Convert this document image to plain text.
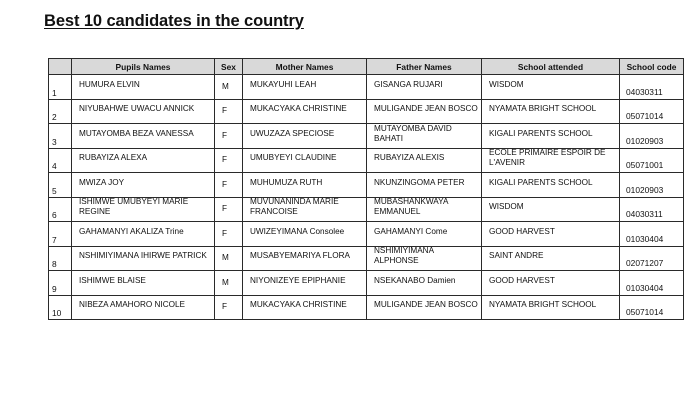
Best 10 candidates in the country
	Pupils Names	Sex	Mother Names	Father Names	School attended	School code

1	HUMURA ELVIN	M	MUKAYUHI LEAH	GISANGA RUJARI	WISDOM	04030311

2	NIYUBAHWE UWACU ANNICK	F	MUKACYAKA CHRISTINE	MULIGANDE JEAN BOSCO	NYAMATA BRIGHT SCHOOL	05071014

3	MUTAYOMBA BEZA VANESSA	F	UWUZAZA SPECIOSE	MUTAYOMBA DAVID BAHATI	KIGALI PARENTS SCHOOL	01020903

4	RUBAYIZA ALEXA	F	UMUBYEYI CLAUDINE	RUBAYIZA ALEXIS	ECOLE PRIMAIRE ESPOIR DE L'AVENIR	05071001

5	MWIZA JOY	F	MUHUMUZA RUTH	NKUNZINGOMA PETER	KIGALI PARENTS SCHOOL	01020903

6	ISHIMWE UMUBYEYI MARIE REGINE	F	MUVUNANINDA MARIE FRANCOISE	MUBASHANKWAYA EMMANUEL	WISDOM	04030311

7	GAHAMANYI AKALIZA Trine	F	UWIZEYIMANA Consolee	GAHAMANYI Come	GOOD HARVEST	01030404

8	NSHIMIYIMANA IHIRWE PATRICK	M	MUSABYEMARIYA FLORA	NSHIMIYIMANA ALPHONSE	SAINT ANDRE	02071207

9	ISHIMWE BLAISE	M	NIYONIZEYE EPIPHANIE	NSEKANABO Damien	GOOD HARVEST	01030404

10	NIBEZA AMAHORO NICOLE	F	MUKACYAKA CHRISTINE	MULIGANDE JEAN BOSCO	NYAMATA BRIGHT SCHOOL	05071014
